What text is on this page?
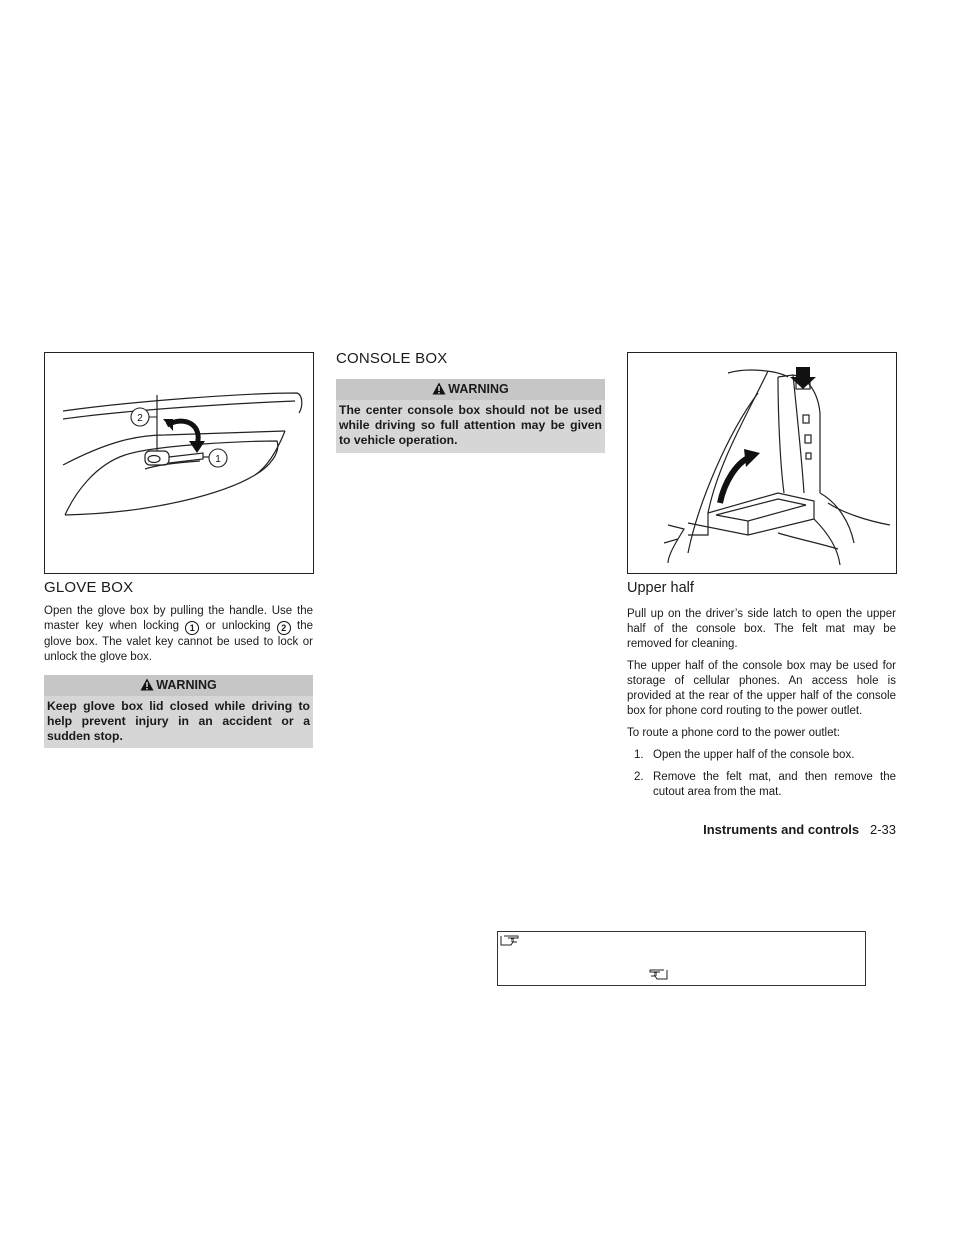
2
1
GLOVE BOX

Open the glove box by pulling the handle. Use the master key when locking 1 or unlocking 2 the glove box. The valet key cannot be used to lock or unlock the glove box.

WARNING
Keep glove box lid closed while driving to help prevent injury in an accident or a sudden stop.
CONSOLE BOX
WARNING
The center console box should not be used while driving so full attention may be given to vehicle operation.
Upper half

Pull up on the driver’s side latch to open the upper half of the console box. The felt mat may be removed for cleaning.

The upper half of the console box may be used for storage of cellular phones. An access hole is provided at the rear of the upper half of the console box for phone cord routing to the power outlet.

To route a phone cord to the power outlet:

1. Open the upper half of the console box.
2. Remove the felt mat, and then remove the cutout area from the mat.
Instruments and controls 2-33
